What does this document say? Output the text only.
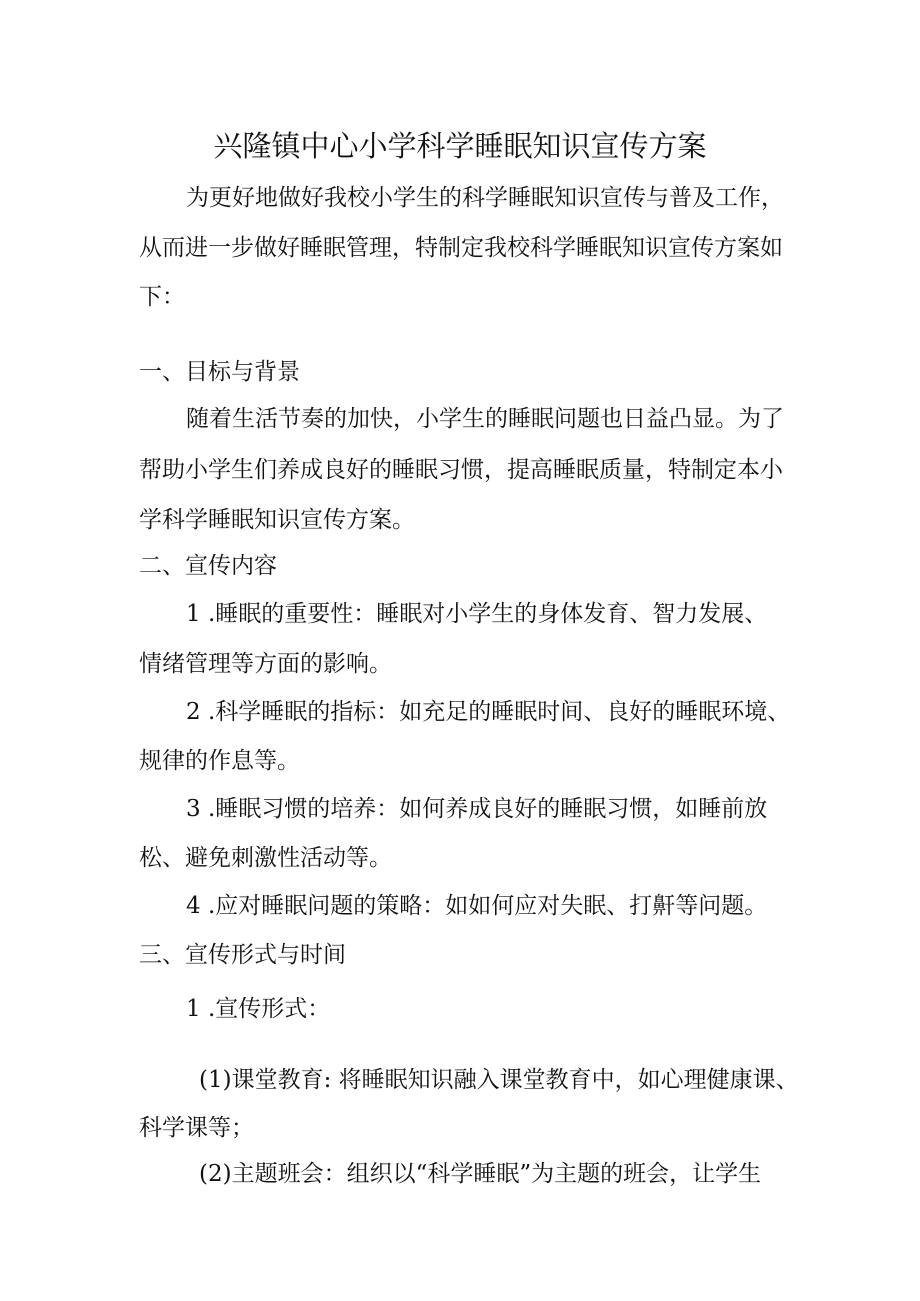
兴隆镇中心小学科学睡眠知识宣传方案
为更好地做好我校小学生的科学睡眠知识宣传与普及工作，
从而进一步做好睡眠管理，特制定我校科学睡眠知识宣传方案如
下：
一、目标与背景
随着生活节奏的加快，小学生的睡眠问题也日益凸显。为了
帮助小学生们养成良好的睡眠习惯，提高睡眠质量，特制定本小
学科学睡眠知识宣传方案。
二、宣传内容
1 .睡眠的重要性：睡眠对小学生的身体发育、智力发展、
情绪管理等方面的影响。
2 .科学睡眠的指标：如充足的睡眠时间、良好的睡眠环境、
规律的作息等。
3 .睡眠习惯的培养：如何养成良好的睡眠习惯，如睡前放
松、避免刺激性活动等。
4 .应对睡眠问题的策略：如如何应对失眠、打鼾等问题。
三、宣传形式与时间
1 .宣传形式：
(1)课堂教育: 将睡眠知识融入课堂教育中，如心理健康课、
科学课等；
(2)主题班会：组织以“科学睡眠”为主题的班会，让学生
